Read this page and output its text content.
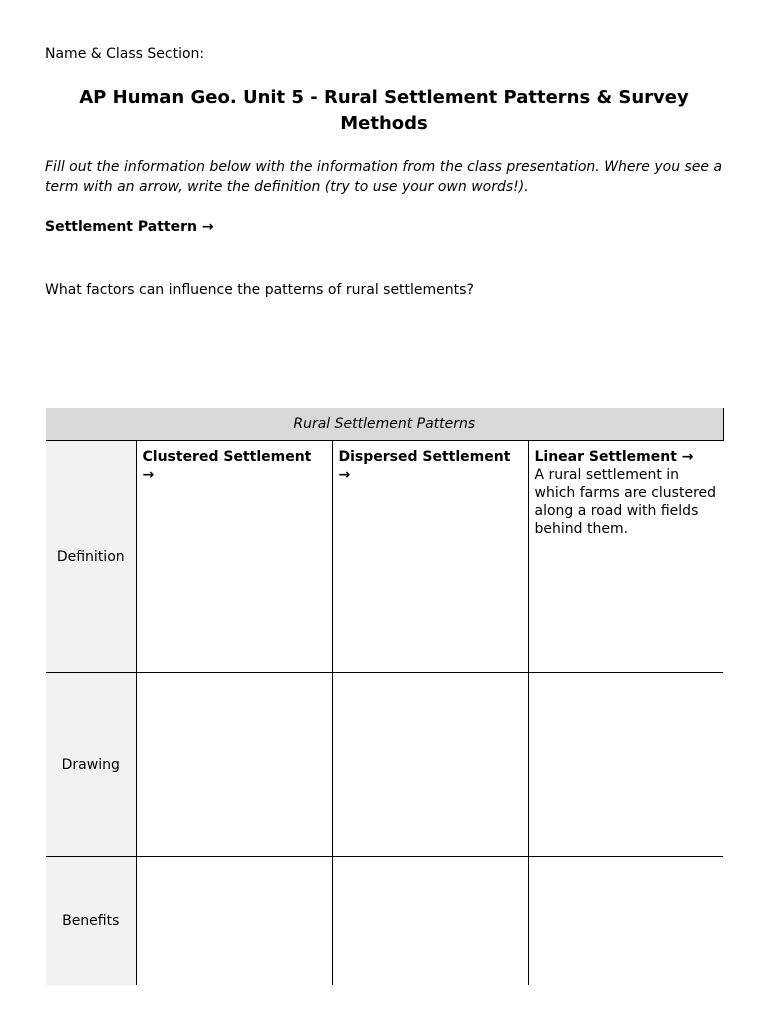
Name & Class Section:
AP Human Geo. Unit 5 - Rural Settlement Patterns & Survey Methods
Fill out the information below with the information from the class presentation. Where you see a term with an arrow, write the definition (try to use your own words!).
Settlement Pattern →
What factors can influence the patterns of rural settlements?
Rural Settlement Patterns			
Definition	Clustered Settlement →	Dispersed Settlement →	Linear Settlement →
A rural settlement in which farms are clustered along a road with fields behind them.

Drawing			
Benefits			
